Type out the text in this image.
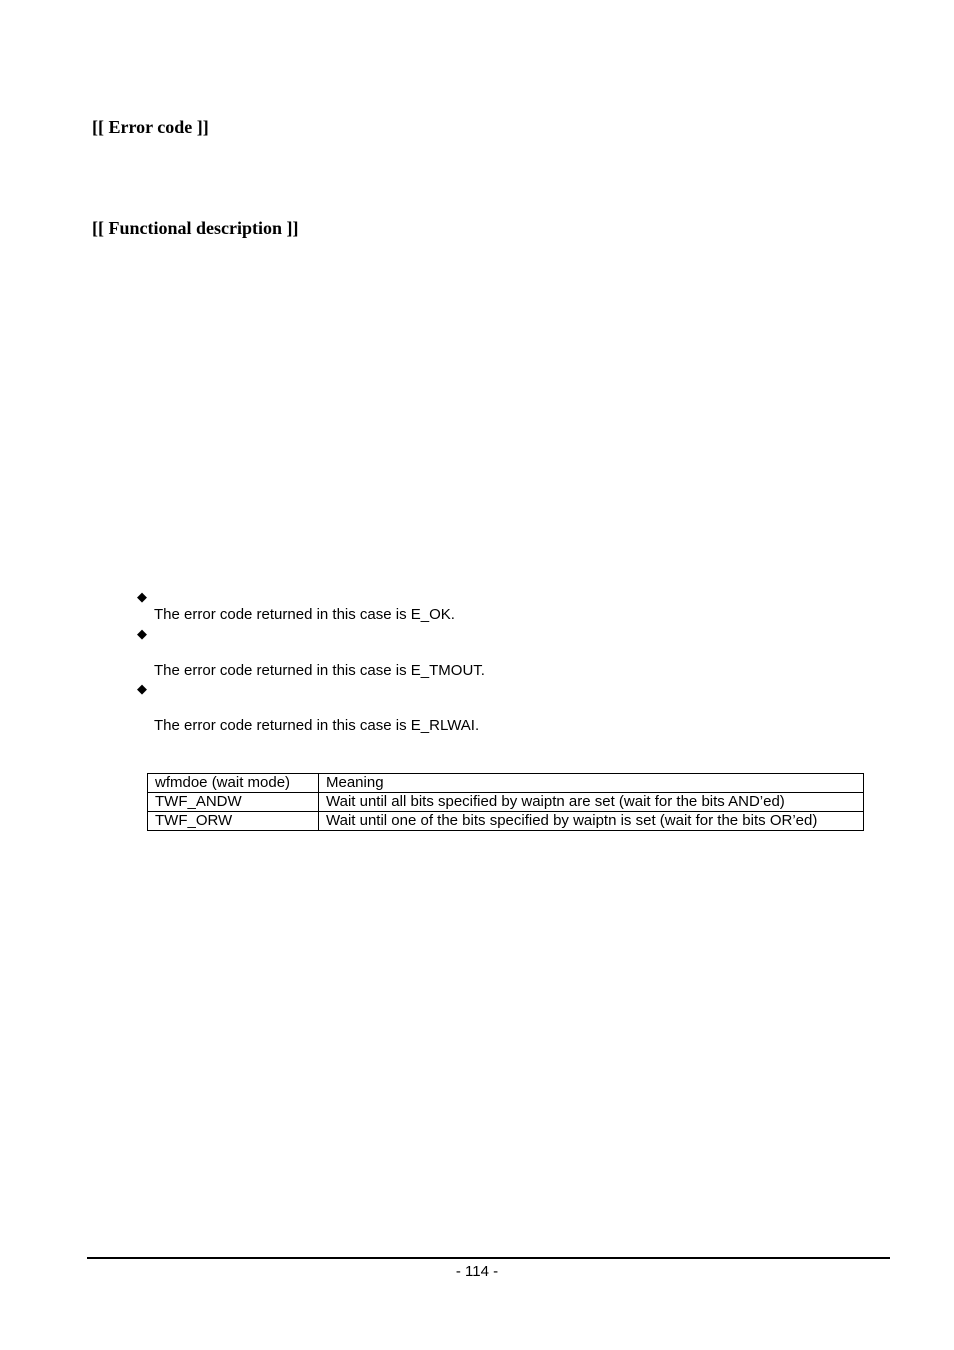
[[ Error code ]]
[[ Functional description ]]
◆

The error code returned in this case is E_OK.

◆

The error code returned in this case is E_TMOUT.

◆

The error code returned in this case is E_RLWAI.

wfmdoe (wait mode)	Meaning
TWF_ANDW	Wait until all bits specified by waiptn are set (wait for the bits AND’ed)
TWF_ORW	Wait until one of the bits specified by waiptn is set (wait for the bits OR’ed)
- 114 -
